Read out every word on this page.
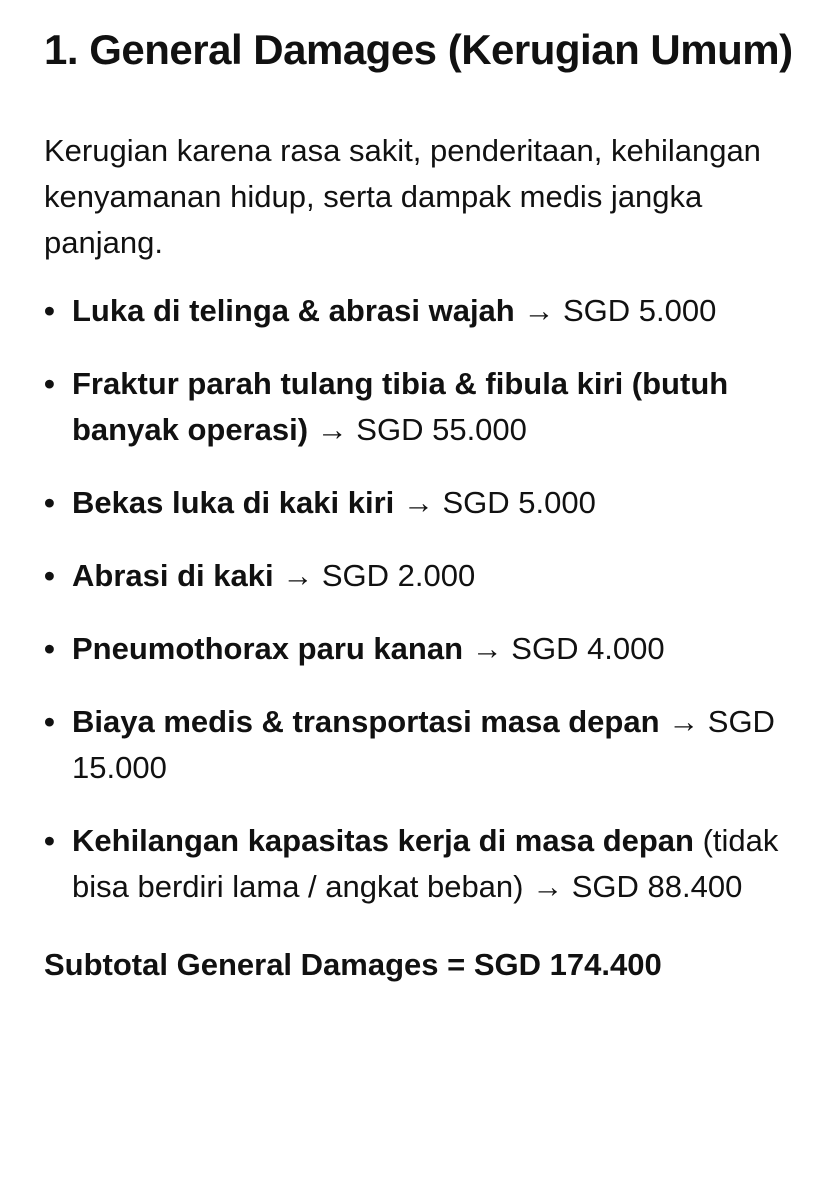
1. General Damages (Kerugian Umum)

Kerugian karena rasa sakit, penderitaan, kehilangan kenyamanan hidup, serta dampak medis jangka panjang.

• Luka di telinga & abrasi wajah → SGD 5.000
• Fraktur parah tulang tibia & fibula kiri (butuh banyak operasi) → SGD 55.000
• Bekas luka di kaki kiri → SGD 5.000
• Abrasi di kaki → SGD 2.000
• Pneumothorax paru kanan → SGD 4.000
• Biaya medis & transportasi masa depan → SGD 15.000
• Kehilangan kapasitas kerja di masa depan (tidak bisa berdiri lama / angkat beban) → SGD 88.400
Subtotal General Damages = SGD 174.400
